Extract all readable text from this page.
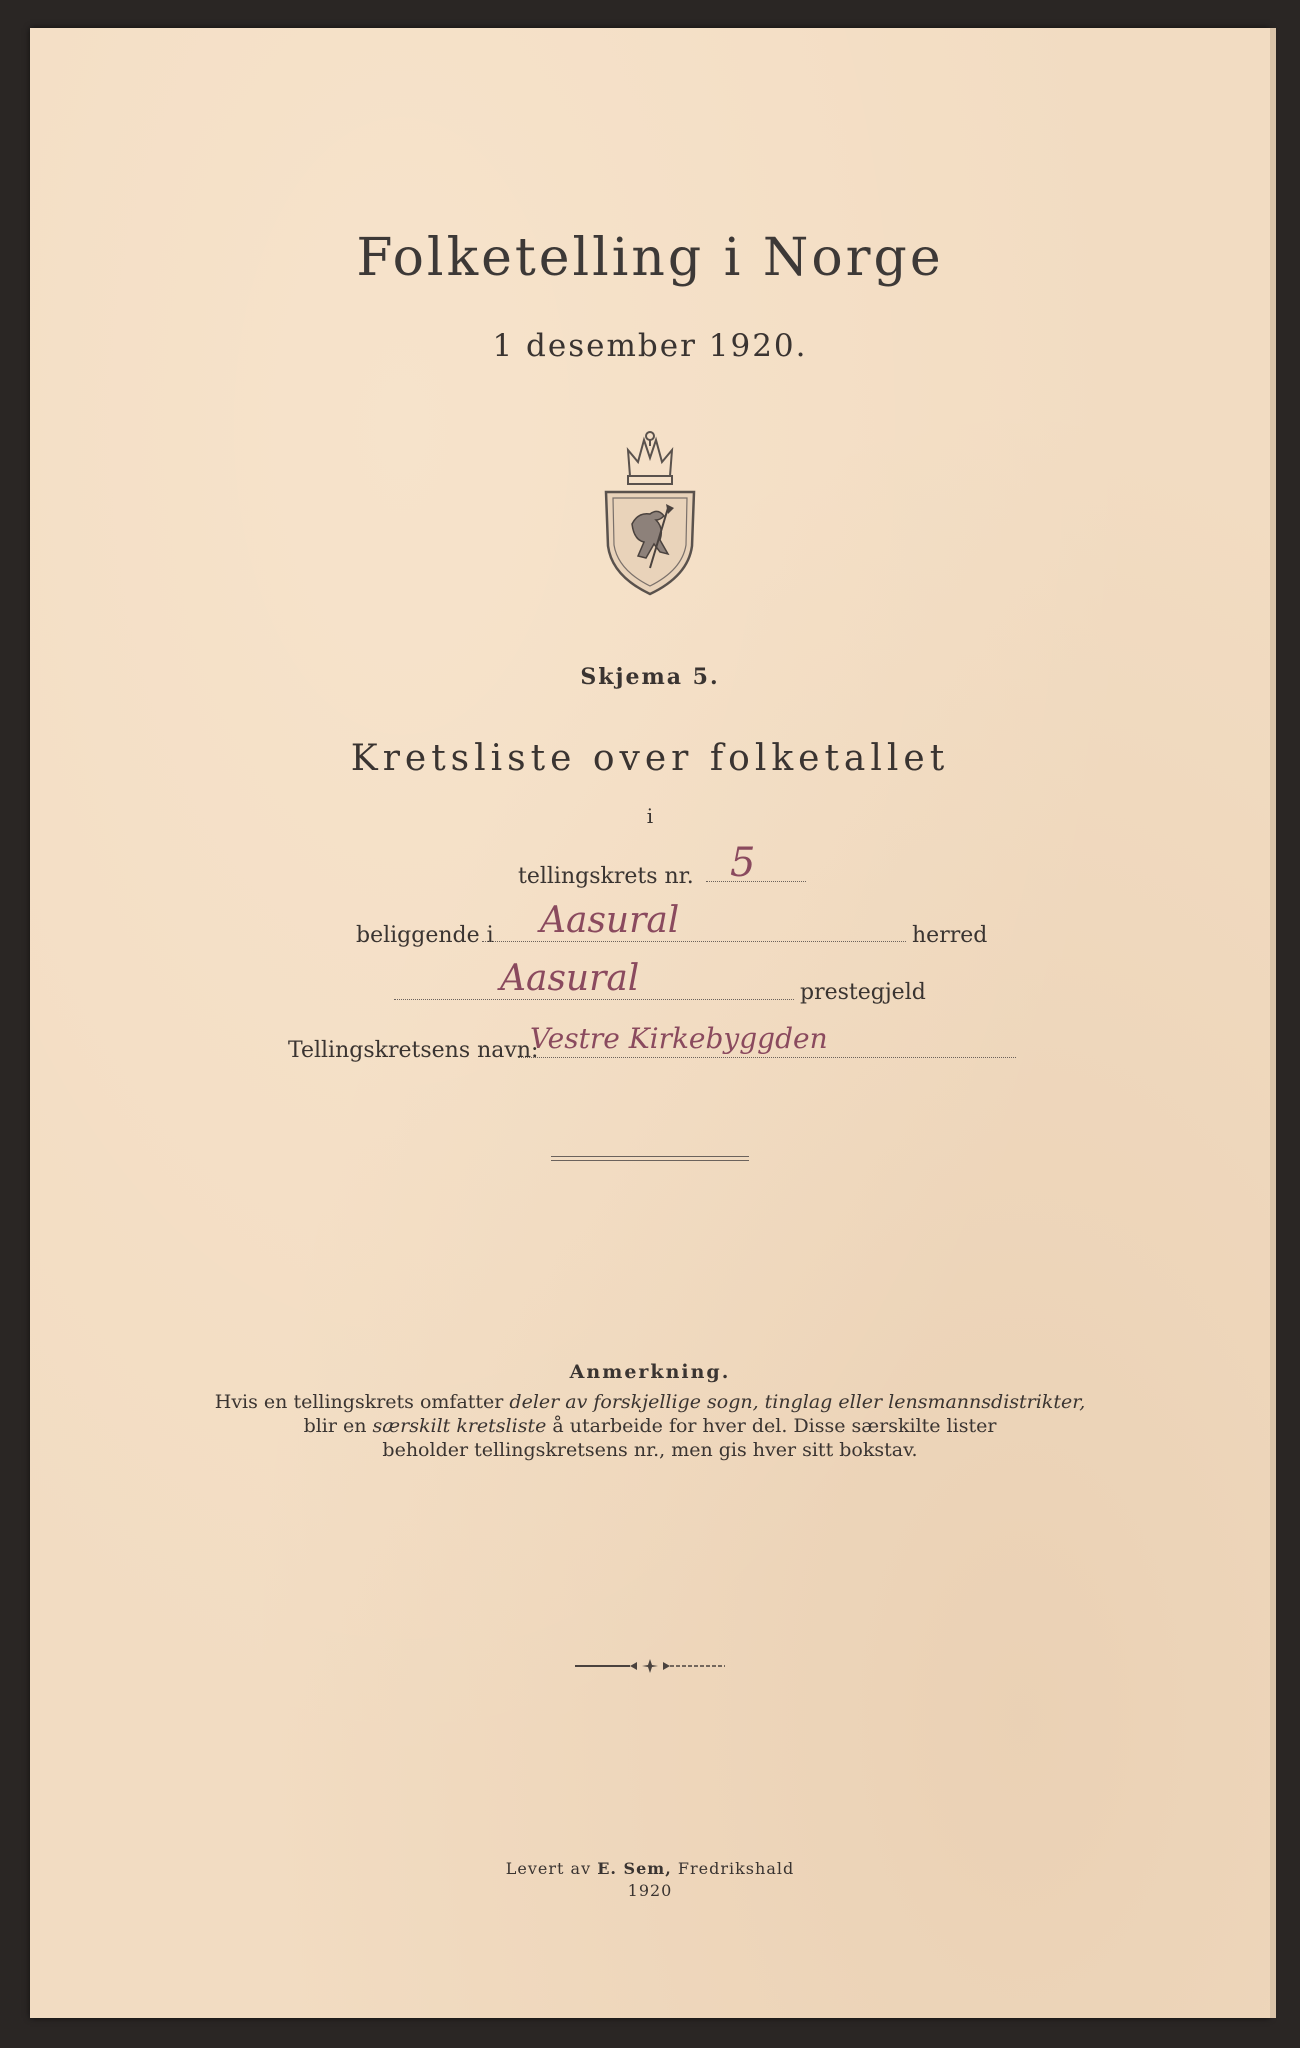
Folketelling i Norge
1 desember 1920.
Skjema 5.
Kretsliste over folketallet
i
tellingskrets nr. 5
beliggende i Aasural	herred
Aasural	prestegjeld
Tellingskretsens navn:
Vestre Kirkebyggden
Anmerkning.
Hvis en tellingskrets omfatter deler av forskjellige sogn, tinglag eller lensmannsdistrikter,
blir en særskilt kretsliste å utarbeide for hver del. Disse særskilte lister
beholder tellingskretsens nr., men gis hver sitt bokstav.
Levert av E. Sem, Fredrikshald
1920
